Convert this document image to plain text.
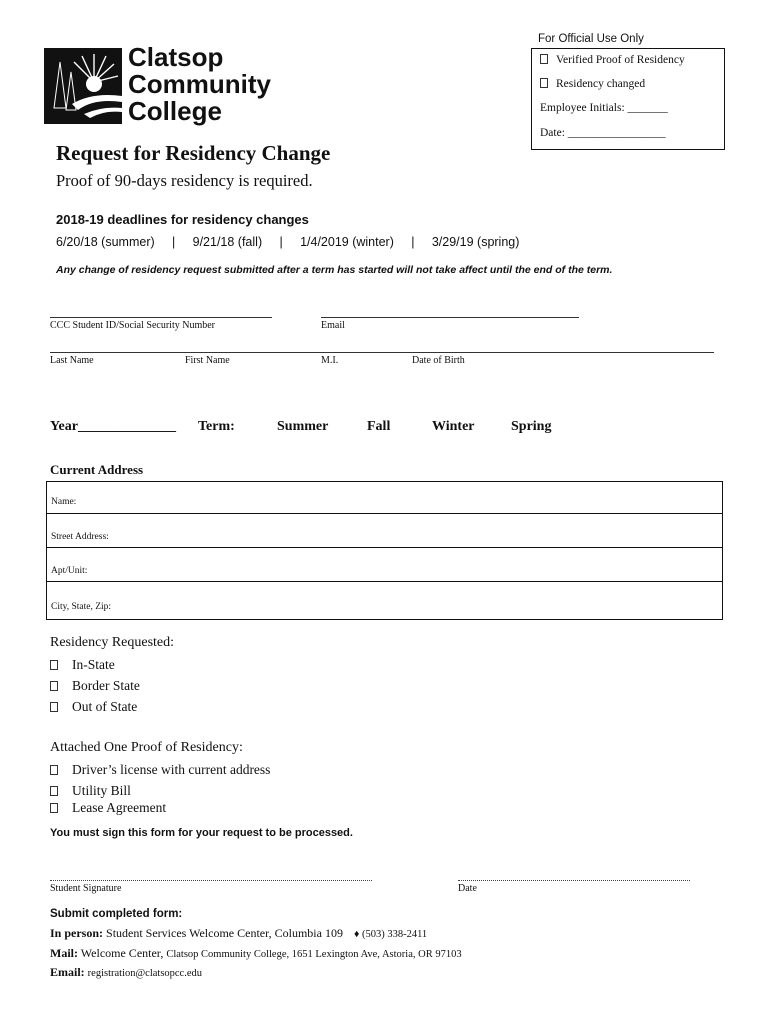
Clatsop
Community
College
For Official Use Only
Verified Proof of Residency
Residency changed
Employee Initials: _______
Date: _________________
Request for Residency Change
Proof of 90-days residency is required.
2018-19 deadlines for residency changes
6/20/18 (summer)     |     9/21/18 (fall)     |     1/4/2019 (winter)     |     3/29/19 (spring)
Any change of residency request submitted after a term has started will not take affect until the end of the term.
CCC Student ID/Social Security Number	Email
Last Name	First Name	M.I.	Date of Birth
Year______________ Term:	Summer	Fall	Winter	Spring
Current Address
Name:
Street Address:
Apt/Unit:
City, State, Zip:
Residency Requested:
In-State
Border State
Out of State
Attached One Proof of Residency:
Driver’s license with current address
Utility Bill
Lease Agreement
You must sign this form for your request to be processed.
Student Signature	Date
Submit completed form:
In person: Student Services Welcome Center, Columbia 109 ♦ (503) 338-2411
Mail: Welcome Center, Clatsop Community College, 1651 Lexington Ave, Astoria, OR 97103
Email: registration@clatsopcc.edu
